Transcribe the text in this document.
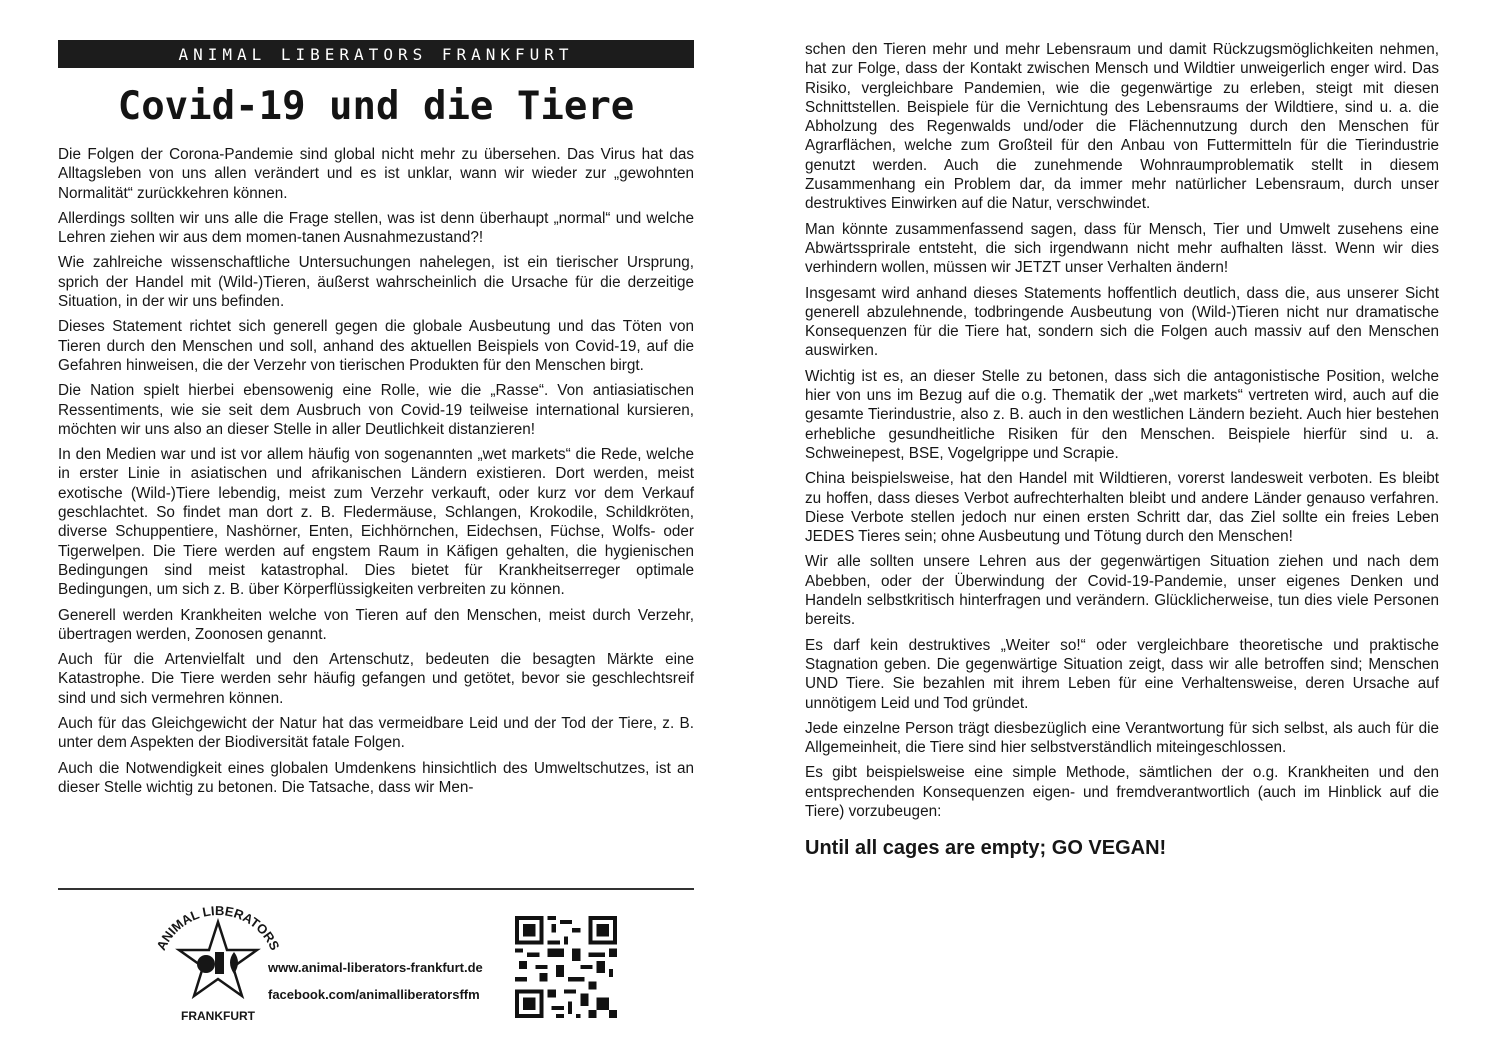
ANIMAL LIBERATORS FRANKFURT
Covid-19 und die Tiere

Die Folgen der Corona-Pandemie sind global nicht mehr zu übersehen. Das Virus hat das Alltagsleben von uns allen verändert und es ist unklar, wann wir wieder zur „gewohnten Normalität“ zurückkehren können.

Allerdings sollten wir uns alle die Frage stellen, was ist denn überhaupt „normal“ und welche Lehren ziehen wir aus dem momen-tanen Ausnahmezustand?!

Wie zahlreiche wissenschaftliche Untersuchungen nahelegen, ist ein tierischer Ursprung, sprich der Handel mit (Wild-)Tieren, äußerst wahrscheinlich die Ursache für die derzeitige Situation, in der wir uns befinden.

Dieses Statement richtet sich generell gegen die globale Ausbeutung und das Töten von Tieren durch den Menschen und soll, anhand des aktuellen Beispiels von Covid-19, auf die Gefahren hinweisen, die der Verzehr von tierischen Produkten für den Menschen birgt.

Die Nation spielt hierbei ebensowenig eine Rolle, wie die „Rasse“. Von antiasiatischen Ressentiments, wie sie seit dem Ausbruch von Covid-19 teilweise international kursieren, möchten wir uns also an dieser Stelle in aller Deutlichkeit distanzieren!

In den Medien war und ist vor allem häufig von sogenannten „wet markets“ die Rede, welche in erster Linie in asiatischen und afrikanischen Ländern existieren. Dort werden, meist exotische (Wild-)Tiere lebendig, meist zum Verzehr verkauft, oder kurz vor dem Verkauf geschlachtet. So findet man dort z. B. Fledermäuse, Schlangen, Krokodile, Schildkröten, diverse Schuppentiere, Nashörner, Enten, Eichhörnchen, Eidechsen, Füchse, Wolfs- oder Tigerwelpen. Die Tiere werden auf engstem Raum in Käfigen gehalten, die hygienischen Bedingungen sind meist katastrophal. Dies bietet für Krankheitserreger optimale Bedingungen, um sich z. B. über Körperflüssigkeiten verbreiten zu können.

Generell werden Krankheiten welche von Tieren auf den Menschen, meist durch Verzehr, übertragen werden, Zoonosen genannt.

Auch für die Artenvielfalt und den Artenschutz, bedeuten die besagten Märkte eine Katastrophe. Die Tiere werden sehr häufig gefangen und getötet, bevor sie geschlechtsreif sind und sich vermehren können.

Auch für das Gleichgewicht der Natur hat das vermeidbare Leid und der Tod der Tiere, z. B. unter dem Aspekten der Biodiversität fatale Folgen.

Auch die Notwendigkeit eines globalen Umdenkens hinsichtlich des Umweltschutzes, ist an dieser Stelle wichtig zu betonen. Die Tatsache, dass wir Men-

ANIMAL LIBERATORS
FRANKFURT
www.animal-liberators-frankfurt.de
facebook.com/animalliberatorsffm

schen den Tieren mehr und mehr Lebensraum und damit Rückzugsmöglichkeiten nehmen, hat zur Folge, dass der Kontakt zwischen Mensch und Wildtier unweigerlich enger wird. Das Risiko, vergleichbare Pandemien, wie die gegenwärtige zu erleben, steigt mit diesen Schnittstellen. Beispiele für die Vernichtung des Lebensraums der Wildtiere, sind u. a. die Abholzung des Regenwalds und/oder die Flächennutzung durch den Menschen für Agrarflächen, welche zum Großteil für den Anbau von Futtermitteln für die Tierindustrie genutzt werden. Auch die zunehmende Wohnraumproblematik stellt in diesem Zusammenhang ein Problem dar, da immer mehr natürlicher Lebensraum, durch unser destruktives Einwirken auf die Natur, verschwindet.

Man könnte zusammenfassend sagen, dass für Mensch, Tier und Umwelt zusehens eine Abwärtssprirale entsteht, die sich irgendwann nicht mehr aufhalten lässt. Wenn wir dies verhindern wollen, müssen wir JETZT unser Verhalten ändern!

Insgesamt wird anhand dieses Statements hoffentlich deutlich, dass die, aus unserer Sicht generell abzulehnende, todbringende Ausbeutung von (Wild-)Tieren nicht nur dramatische Konsequenzen für die Tiere hat, sondern sich die Folgen auch massiv auf den Menschen auswirken.

Wichtig ist es, an dieser Stelle zu betonen, dass sich die antagonistische Position, welche hier von uns im Bezug auf die o.g. Thematik der „wet markets“ vertreten wird, auch auf die gesamte Tierindustrie, also z. B. auch in den westlichen Ländern bezieht. Auch hier bestehen erhebliche gesundheitliche Risiken für den Menschen. Beispiele hierfür sind u. a. Schweinepest, BSE, Vogelgrippe und Scrapie.

China beispielsweise, hat den Handel mit Wildtieren, vorerst landesweit verboten. Es bleibt zu hoffen, dass dieses Verbot aufrechterhalten bleibt und andere Länder genauso verfahren. Diese Verbote stellen jedoch nur einen ersten Schritt dar, das Ziel sollte ein freies Leben JEDES Tieres sein; ohne Ausbeutung und Tötung durch den Menschen!

Wir alle sollten unsere Lehren aus der gegenwärtigen Situation ziehen und nach dem Abebben, oder der Überwindung der Covid-19-Pandemie, unser eigenes Denken und Handeln selbstkritisch hinterfragen und verändern. Glücklicherweise, tun dies viele Personen bereits.

Es darf kein destruktives „Weiter so!“ oder vergleichbare theoretische und praktische Stagnation geben. Die gegenwärtige Situation zeigt, dass wir alle betroffen sind; Menschen UND Tiere. Sie bezahlen mit ihrem Leben für eine Verhaltensweise, deren Ursache auf unnötigem Leid und Tod gründet.

Jede einzelne Person trägt diesbezüglich eine Verantwortung für sich selbst, als auch für die Allgemeinheit, die Tiere sind hier selbstverständlich miteingeschlossen.

Es gibt beispielsweise eine simple Methode, sämtlichen der o.g. Krankheiten und den entsprechenden Konsequenzen eigen- und fremdverantwortlich (auch im Hinblick auf die Tiere) vorzubeugen:

Until all cages are empty; GO VEGAN!
